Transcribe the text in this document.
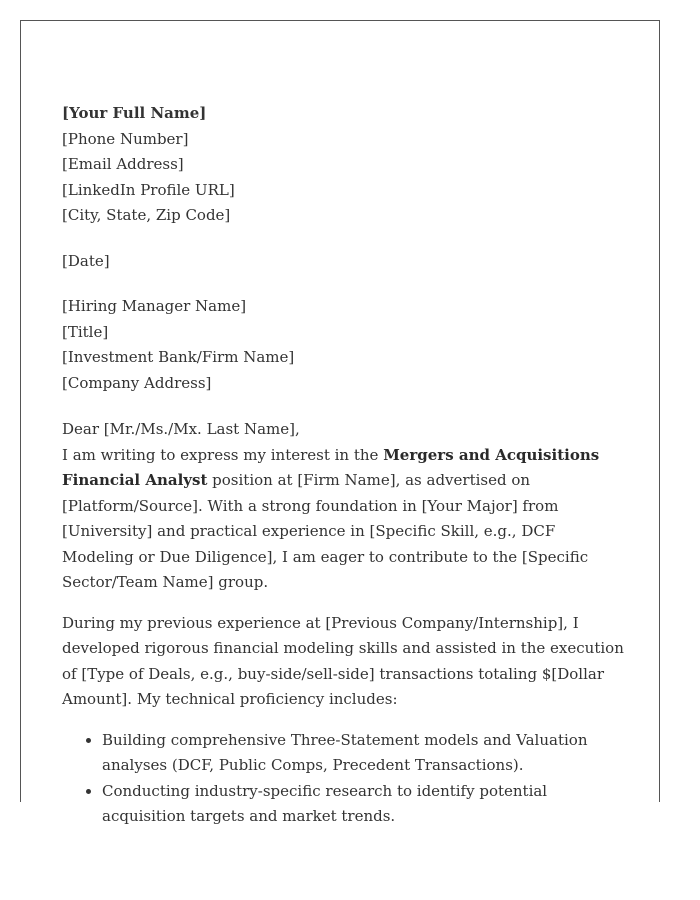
[Your Full Name]
[Phone Number]
[Email Address]
[LinkedIn Profile URL]
[City, State, Zip Code]
[Date]
[Hiring Manager Name]
[Title]
[Investment Bank/Firm Name]
[Company Address]
Dear [Mr./Ms./Mx. Last Name],

I am writing to express my interest in the Mergers and Acquisitions Financial Analyst position at [Firm Name], as advertised on [Platform/Source]. With a strong foundation in [Your Major] from [University] and practical experience in [Specific Skill, e.g., DCF Modeling or Due Diligence], I am eager to contribute to the [Specific Sector/Team Name] group.

During my previous experience at [Previous Company/Internship], I developed rigorous financial modeling skills and assisted in the execution of [Type of Deals, e.g., buy-side/sell-side] transactions totaling $[Dollar Amount]. My technical proficiency includes:

• Building comprehensive Three-Statement models and Valuation analyses (DCF, Public Comps, Precedent Transactions).
• Conducting industry-specific research to identify potential acquisition targets and market trends.
